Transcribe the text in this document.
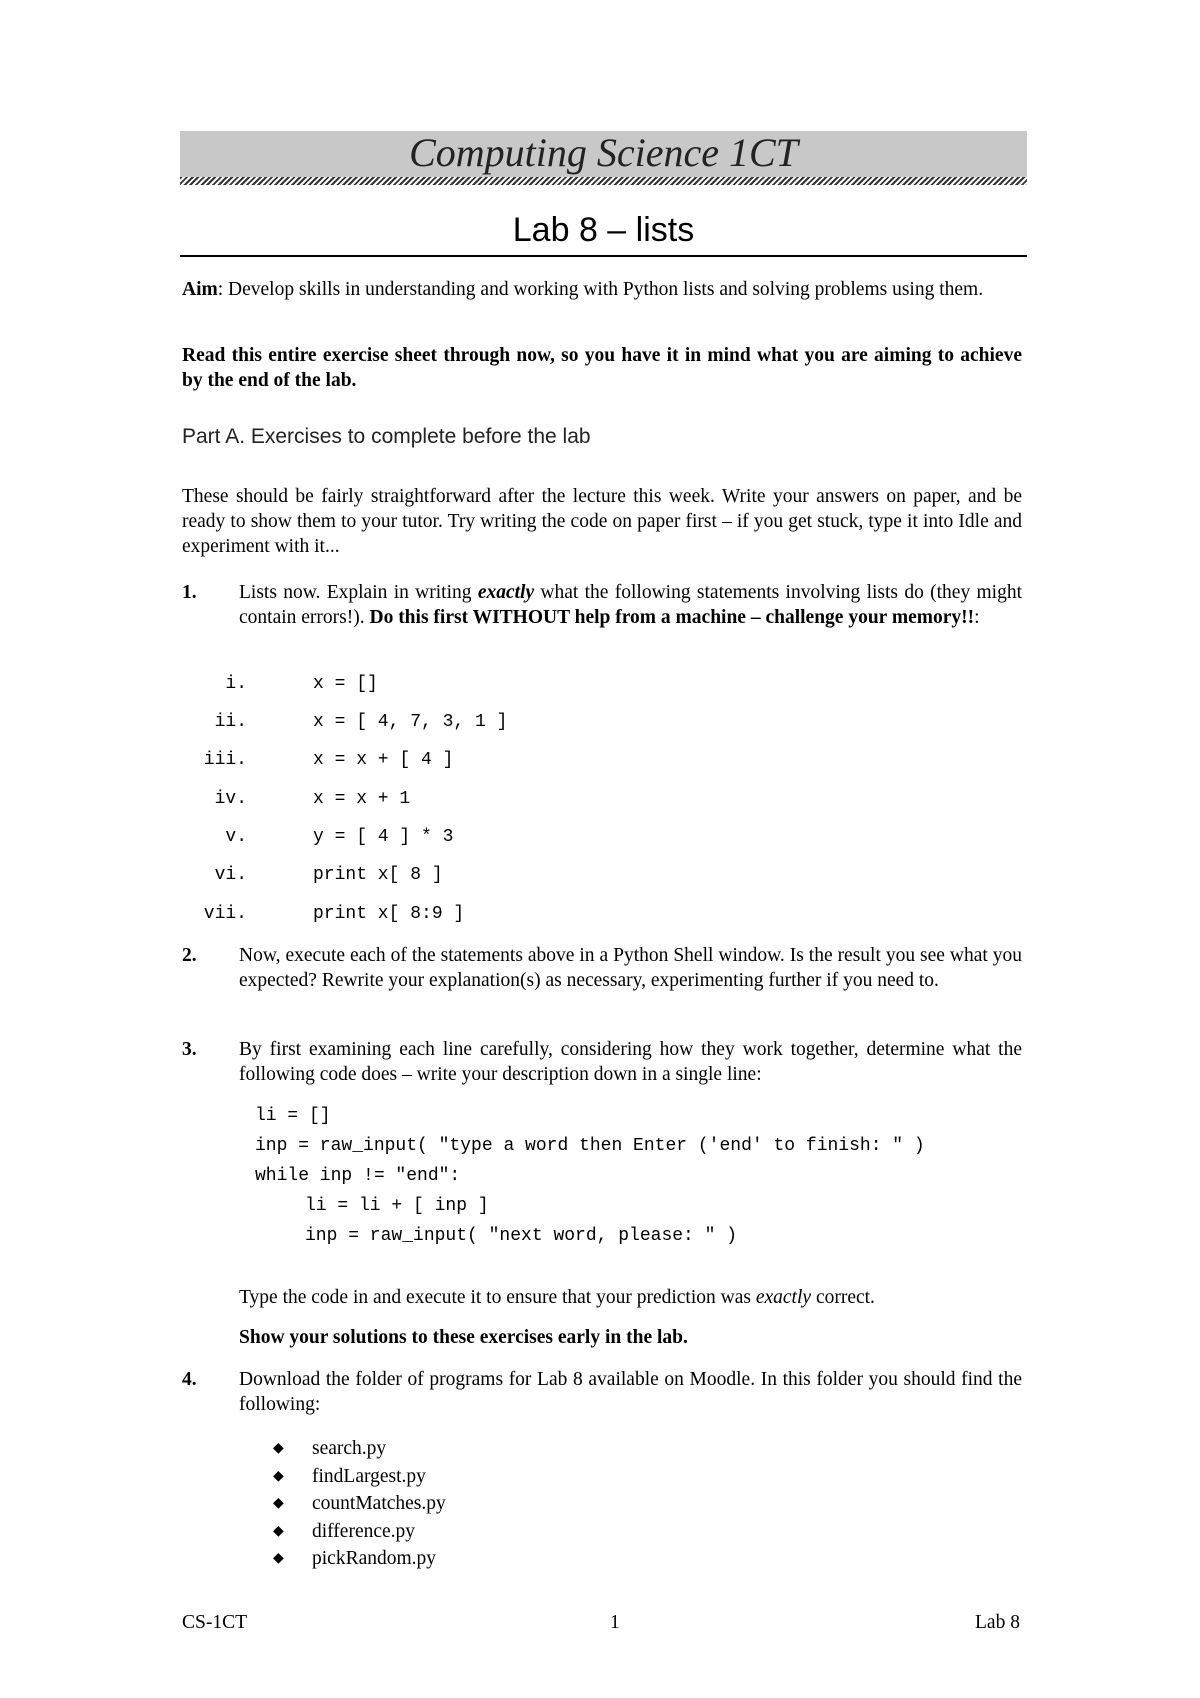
Computing Science 1CT
Lab 8 – lists
Aim: Develop skills in understanding and working with Python lists and solving problems using them.
Read this entire exercise sheet through now, so you have it in mind what you are aiming to achieve by the end of the lab.
Part A. Exercises to complete before the lab
These should be fairly straightforward after the lecture this week. Write your answers on paper, and be ready to show them to your tutor. Try writing the code on paper first – if you get stuck, type it into Idle and experiment with it...
1. Lists now. Explain in writing exactly what the following statements involving lists do (they might contain errors!). Do this first WITHOUT help from a machine – challenge your memory!!:
i.	x = []
ii.	x = [ 4, 7, 3, 1 ]
iii.	x = x + [ 4 ]
iv.	x = x + 1
v.	y = [ 4 ] * 3
vi.	print x[ 8 ]
vii.	print x[ 8:9 ]
2. Now, execute each of the statements above in a Python Shell window. Is the result you see what you expected? Rewrite your explanation(s) as necessary, experimenting further if you need to.
3. By first examining each line carefully, considering how they work together, determine what the following code does – write your description down in a single line:
li = []
inp = raw_input( "type a word then Enter ('end' to finish: " )
while inp != "end":
li = li + [ inp ]
inp = raw_input( "next word, please: " )
Type the code in and execute it to ensure that your prediction was exactly correct.
Show your solutions to these exercises early in the lab.
4. Download the folder of programs for Lab 8 available on Moodle. In this folder you should find the following:
◆ search.py
◆ findLargest.py
◆ countMatches.py
◆ difference.py
◆ pickRandom.py
CS-1CT	1	Lab 8
